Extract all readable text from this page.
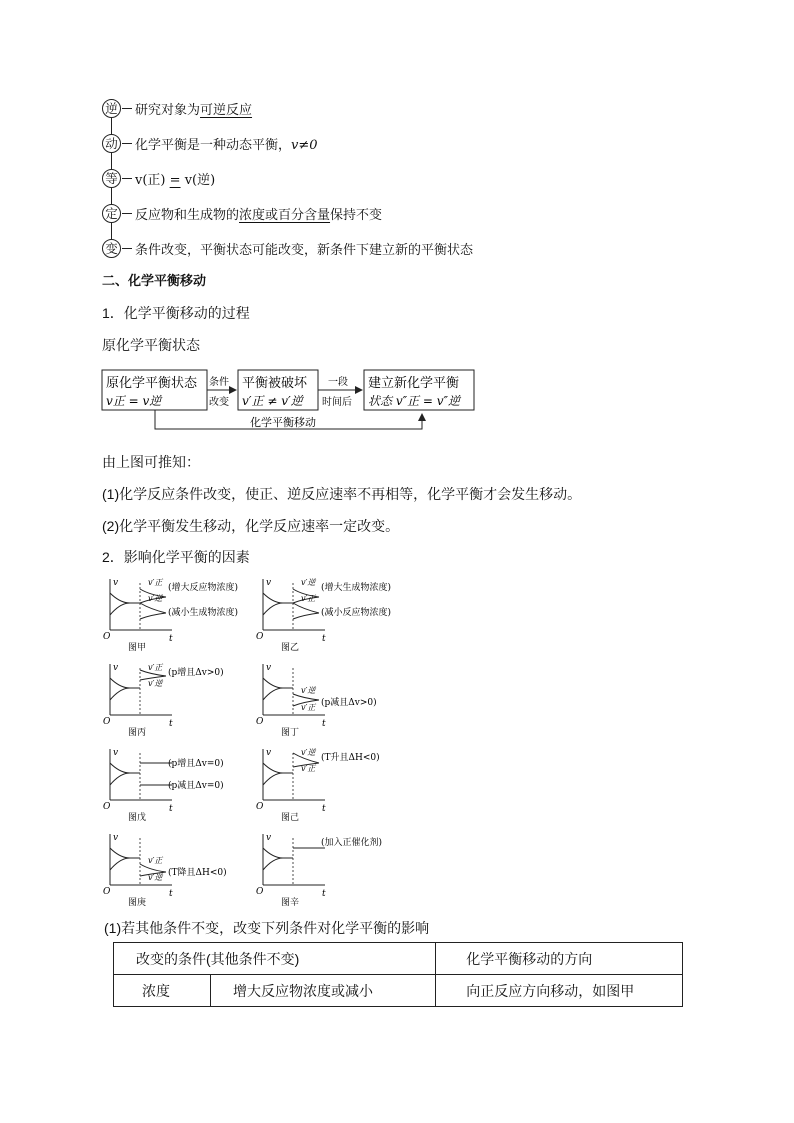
逆 研究对象为可逆反应
动 化学平衡是一种动态平衡，v≠0
等 v(正) = v(逆)
定 反应物和生成物的浓度或百分含量保持不变
变 条件改变，平衡状态可能改变，新条件下建立新的平衡状态
二、化学平衡移动
1．化学平衡移动的过程
原化学平衡状态
原化学平衡状态
v正 = v逆
条件
改变
平衡被破坏
v′正 ≠ v′逆
一段
时间后
建立新化学平衡
状态 v″正 = v″逆
化学平衡移动
由上图可推知：
(1)化学反应条件改变，使正、逆反应速率不再相等，化学平衡才会发生移动。
(2)化学平衡发生移动，化学反应速率一定改变。
2．影响化学平衡的因素
v
t
O
v′正
v′逆
(增大反应物浓度)
(减小生成物浓度)
图甲
v
t
O
v′逆
v′正
(增大生成物浓度)
(减小反应物浓度)
图乙
v
t
O
v′正
v′逆
(p增且Δv>0)
图丙
v
t
O
v′逆
v′正 (p减且Δv>0)
图丁
v
t
O
(p增且Δv=0)
(p减且Δv=0)
图戊
v
t
O
v′逆
v′正
(T升且ΔH<0)
图己
v
t
O
v′正
v′逆 (T降且ΔH<0)
图庚
v
t
O
(加入正催化剂)
图辛
(1)若其他条件不变，改变下列条件对化学平衡的影响
改变的条件(其他条件不变)		化学平衡移动的方向
浓度	增大反应物浓度或减小	向正反应方向移动，如图甲
